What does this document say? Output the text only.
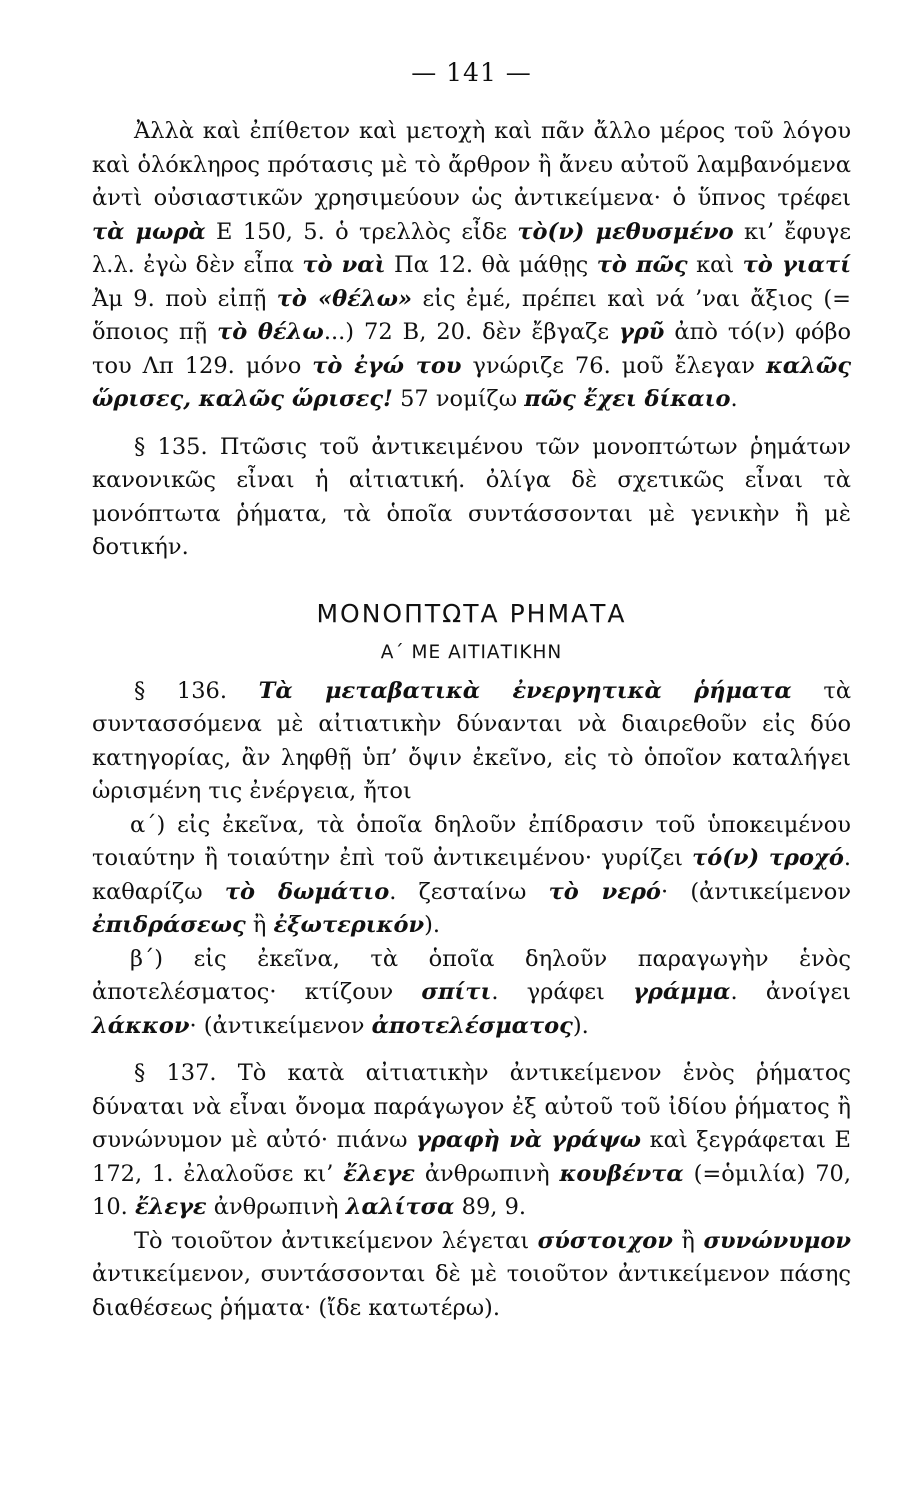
— 141 —

Ἀλλὰ καὶ ἐπίθετον καὶ μετοχὴ καὶ πᾶν ἄλλο μέρος τοῦ λόγου καὶ ὁλόκληρος πρότασις μὲ τὸ ἄρθρον ἢ ἄνευ αὐτοῦ λαμβανόμενα ἀντὶ οὐσιαστικῶν χρησιμεύουν ὡς ἀντικείμενα· ὁ ὕπνος τρέφει τὰ μωρὰ Ε 150, 5. ὁ τρελλὸς εἶδε τὸ(ν) μεθυσμένο κι’ ἔφυγε λ.λ. ἐγὼ δὲν εἶπα τὸ ναὶ Πα 12. θὰ μάθῃς τὸ πῶς καὶ τὸ γιατί Ἀμ 9. ποὺ εἰπῇ τὸ «θέλω» εἰς ἐμέ, πρέπει καὶ νά ’ναι ἄξιος (= ὅποιος πῇ τὸ θέλω...) 72 Β, 20. δὲν ἔβγαζε γρῦ ἀπὸ τό(ν) φόβο του Λπ 129. μόνο τὸ ἐγώ του γνώριζε 76. μοῦ ἔλεγαν καλῶς ὥρισες, καλῶς ὥρισες! 57 νομίζω πῶς ἔχει δίκαιο.

§ 135. Πτῶσις τοῦ ἀντικειμένου τῶν μονοπτώτων ῥημάτων κανονικῶς εἶναι ἡ αἰτιατική. ὀλίγα δὲ σχετικῶς εἶναι τὰ μονόπτωτα ῥήματα, τὰ ὁποῖα συντάσσονται μὲ γενικὴν ἢ μὲ δοτικήν.

ΜΟΝΟΠΤΩΤΑ ΡΗΜΑΤΑ
Α΄ ΜΕ ΑΙΤΙΑΤΙΚΗΝ

§ 136. Τὰ μεταβατικὰ ἐνεργητικὰ ῥήματα τὰ συντασσόμενα μὲ αἰτιατικὴν δύνανται νὰ διαιρεθοῦν εἰς δύο κατηγορίας, ἂν ληφθῇ ὑπ’ ὄψιν ἐκεῖνο, εἰς τὸ ὁποῖον καταλήγει ὡρισμένη τις ἐνέργεια, ἤτοι

α΄) εἰς ἐκεῖνα, τὰ ὁποῖα δηλοῦν ἐπίδρασιν τοῦ ὑποκειμένου τοιαύτην ἢ τοιαύτην ἐπὶ τοῦ ἀντικειμένου· γυρίζει τό(ν) τροχό. καθαρίζω τὸ δωμάτιο. ζεσταίνω τὸ νερό· (ἀντικείμενον ἐπιδράσεως ἢ ἐξωτερικόν).

β΄) εἰς ἐκεῖνα, τὰ ὁποῖα δηλοῦν παραγωγὴν ἑνὸς ἀποτελέσματος· κτίζουν σπίτι. γράφει γράμμα. ἀνοίγει λάκκον· (ἀντικείμενον ἀποτελέσματος).

§ 137. Τὸ κατὰ αἰτιατικὴν ἀντικείμενον ἑνὸς ῥήματος δύναται νὰ εἶναι ὄνομα παράγωγον ἐξ αὐτοῦ τοῦ ἰδίου ῥήματος ἢ συνώνυμον μὲ αὐτό· πιάνω γραφὴ νὰ γράψω καὶ ξεγράφεται Ε 172, 1. ἐλαλοῦσε κι’ ἔλεγε ἀνθρωπινὴ κουβέντα (=ὁμιλία) 70, 10. ἔλεγε ἀνθρωπινὴ λαλίτσα 89, 9.

Τὸ τοιοῦτον ἀντικείμενον λέγεται σύστοιχον ἢ συνώνυμον ἀντικείμενον, συντάσσονται δὲ μὲ τοιοῦτον ἀντικείμενον πάσης διαθέσεως ῥήματα· (ἴδε κατωτέρω).
